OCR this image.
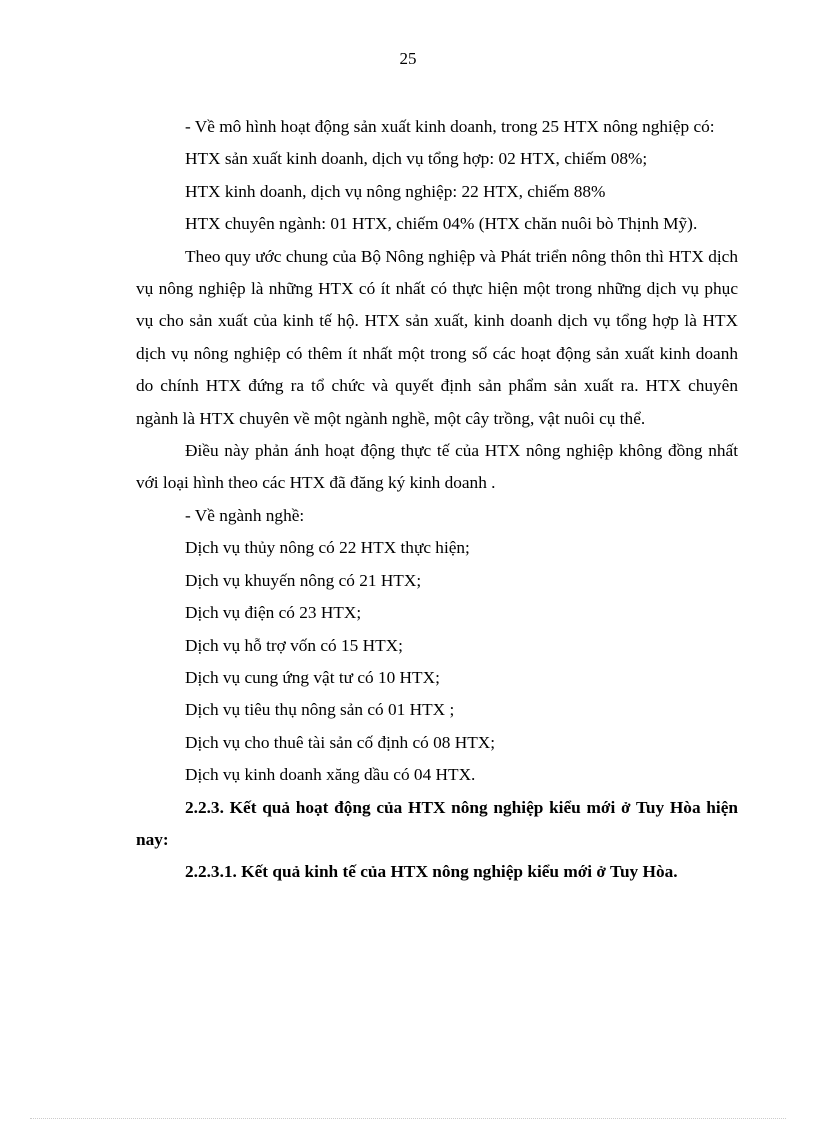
25

- Về mô hình hoạt động sản xuất kinh doanh, trong 25 HTX nông nghiệp có:

HTX sản xuất kinh doanh, dịch vụ tổng hợp: 02 HTX, chiếm 08%;

HTX kinh doanh, dịch vụ nông nghiệp: 22 HTX, chiếm 88%

HTX chuyên ngành: 01 HTX, chiếm 04% (HTX chăn nuôi bò Thịnh Mỹ).

Theo quy ước chung của Bộ Nông nghiệp và Phát triển nông thôn thì HTX dịch vụ nông nghiệp là những HTX có ít nhất có thực hiện một trong những dịch vụ phục vụ cho sản xuất của kinh tế hộ. HTX sản xuất, kinh doanh dịch vụ tổng hợp là HTX dịch vụ nông nghiệp có thêm ít nhất một trong số các hoạt động sản xuất kinh doanh do chính HTX đứng ra tổ chức và quyết định sản phẩm sản xuất ra. HTX chuyên ngành là HTX chuyên về một ngành nghề, một cây trồng, vật nuôi cụ thể.

Điều này phản ánh hoạt động thực tế của HTX nông nghiệp không đồng nhất với loại hình theo các HTX đã đăng ký kinh doanh .

- Về ngành nghề:

Dịch vụ thủy nông có 22 HTX thực hiện;

Dịch vụ khuyến nông có 21 HTX;

Dịch vụ điện có 23 HTX;

Dịch vụ hỗ trợ vốn có 15 HTX;

Dịch vụ cung ứng vật tư có 10 HTX;

Dịch vụ tiêu thụ nông sản có 01 HTX ;

Dịch vụ cho thuê tài sản cố định có 08 HTX;

Dịch vụ kinh doanh xăng dầu có 04 HTX.

2.2.3. Kết quả hoạt động của HTX nông nghiệp kiểu mới ở Tuy Hòa hiện nay:

2.2.3.1. Kết quả kinh tế của HTX nông nghiệp kiểu mới ở Tuy Hòa.
